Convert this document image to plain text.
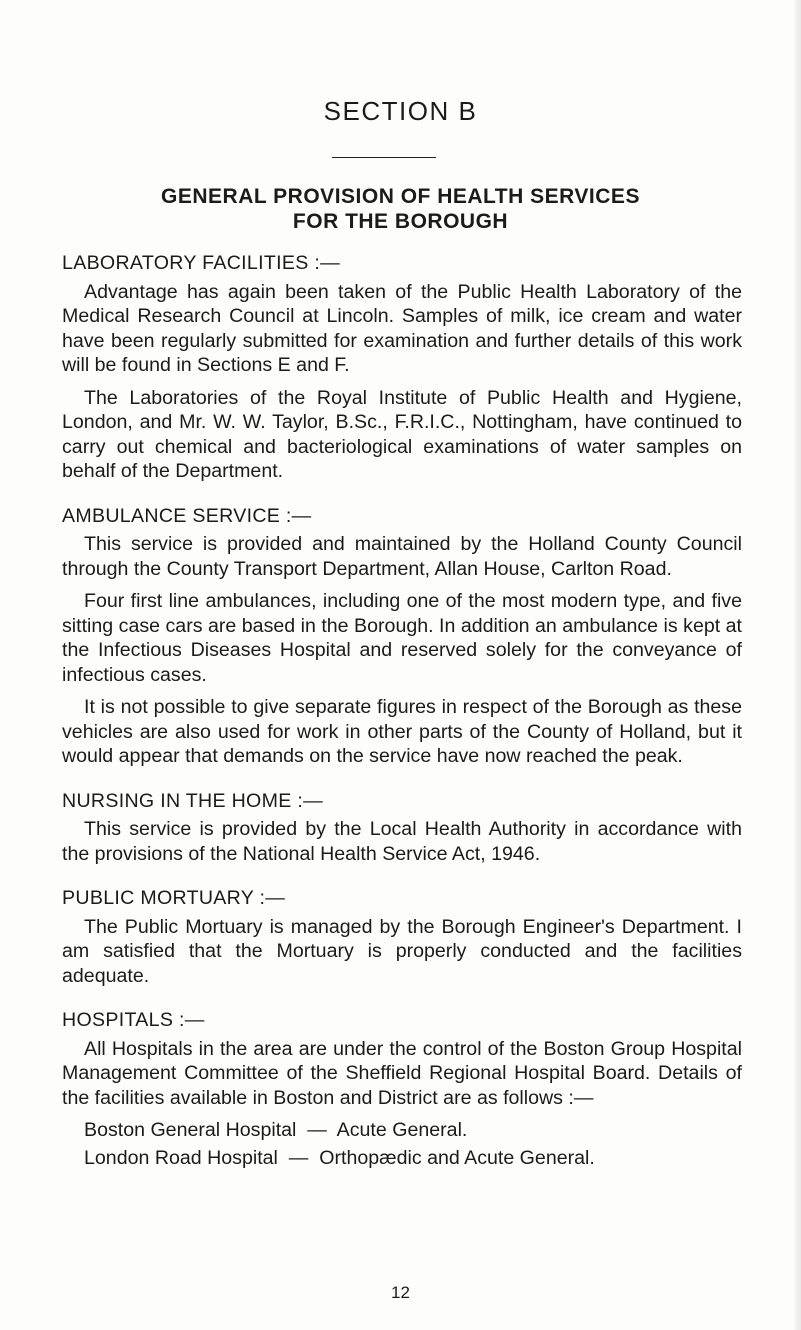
SECTION B
GENERAL PROVISION OF HEALTH SERVICES
FOR THE BOROUGH

LABORATORY FACILITIES :—

Advantage has again been taken of the Public Health Laboratory of the Medical Research Council at Lincoln. Samples of milk, ice cream and water have been regularly submitted for examination and further details of this work will be found in Sections E and F.

The Laboratories of the Royal Institute of Public Health and Hygiene, London, and Mr. W. W. Taylor, B.Sc., F.R.I.C., Nottingham, have continued to carry out chemical and bacteriological examinations of water samples on behalf of the Department.

AMBULANCE SERVICE :—

This service is provided and maintained by the Holland County Council through the County Transport Department, Allan House, Carlton Road.

Four first line ambulances, including one of the most modern type, and five sitting case cars are based in the Borough. In addition an ambulance is kept at the Infectious Diseases Hospital and reserved solely for the conveyance of infectious cases.

It is not possible to give separate figures in respect of the Borough as these vehicles are also used for work in other parts of the County of Holland, but it would appear that demands on the service have now reached the peak.

NURSING IN THE HOME :—

This service is provided by the Local Health Authority in accordance with the provisions of the National Health Service Act, 1946.

PUBLIC MORTUARY :—

The Public Mortuary is managed by the Borough Engineer's Department. I am satisfied that the Mortuary is properly conducted and the facilities adequate.

HOSPITALS :—

All Hospitals in the area are under the control of the Boston Group Hospital Management Committee of the Sheffield Regional Hospital Board. Details of the facilities available in Boston and District are as follows :—

Boston General Hospital  —  Acute General.
London Road Hospital  —  Orthopædic and Acute General.
12
